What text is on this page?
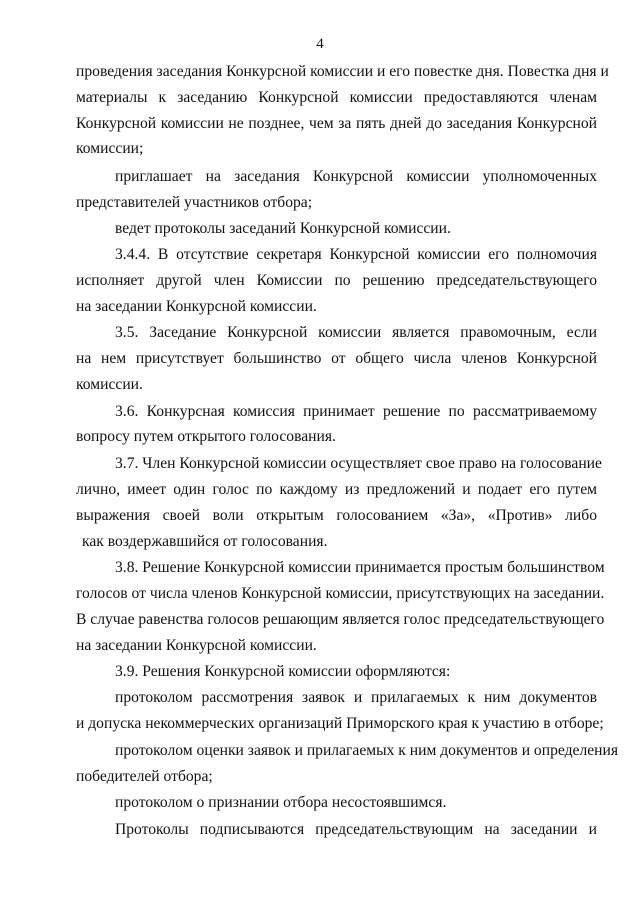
4
проведения заседания Конкурсной комиссии и его повестке дня. Повестка дня и
материалы к заседанию Конкурсной комиссии предоставляются членам
Конкурсной комиссии не позднее, чем за пять дней до заседания Конкурсной
комиссии;
приглашает на заседания Конкурсной комиссии уполномоченных
представителей участников отбора;
ведет протоколы заседаний Конкурсной комиссии.
3.4.4. В отсутствие секретаря Конкурсной комиссии его полномочия
исполняет другой член Комиссии по решению председательствующего
на заседании Конкурсной комиссии.
3.5. Заседание Конкурсной комиссии является правомочным, если
на нем присутствует большинство от общего числа членов Конкурсной
комиссии.
3.6. Конкурсная комиссия принимает решение по рассматриваемому
вопросу путем открытого голосования.
3.7. Член Конкурсной комиссии осуществляет свое право на голосование
лично, имеет один голос по каждому из предложений и подает его путем
выражения своей воли открытым голосованием «За», «Против» либо
как воздержавшийся от голосования.
3.8. Решение Конкурсной комиссии принимается простым большинством
голосов от числа членов Конкурсной комиссии, присутствующих на заседании.
В случае равенства голосов решающим является голос председательствующего
на заседании Конкурсной комиссии.
3.9. Решения Конкурсной комиссии оформляются:
протоколом рассмотрения заявок и прилагаемых к ним документов
и допуска некоммерческих организаций Приморского края к участию в отборе;
протоколом оценки заявок и прилагаемых к ним документов и определения
победителей отбора;
протоколом о признании отбора несостоявшимся.
Протоколы подписываются председательствующим на заседании и
